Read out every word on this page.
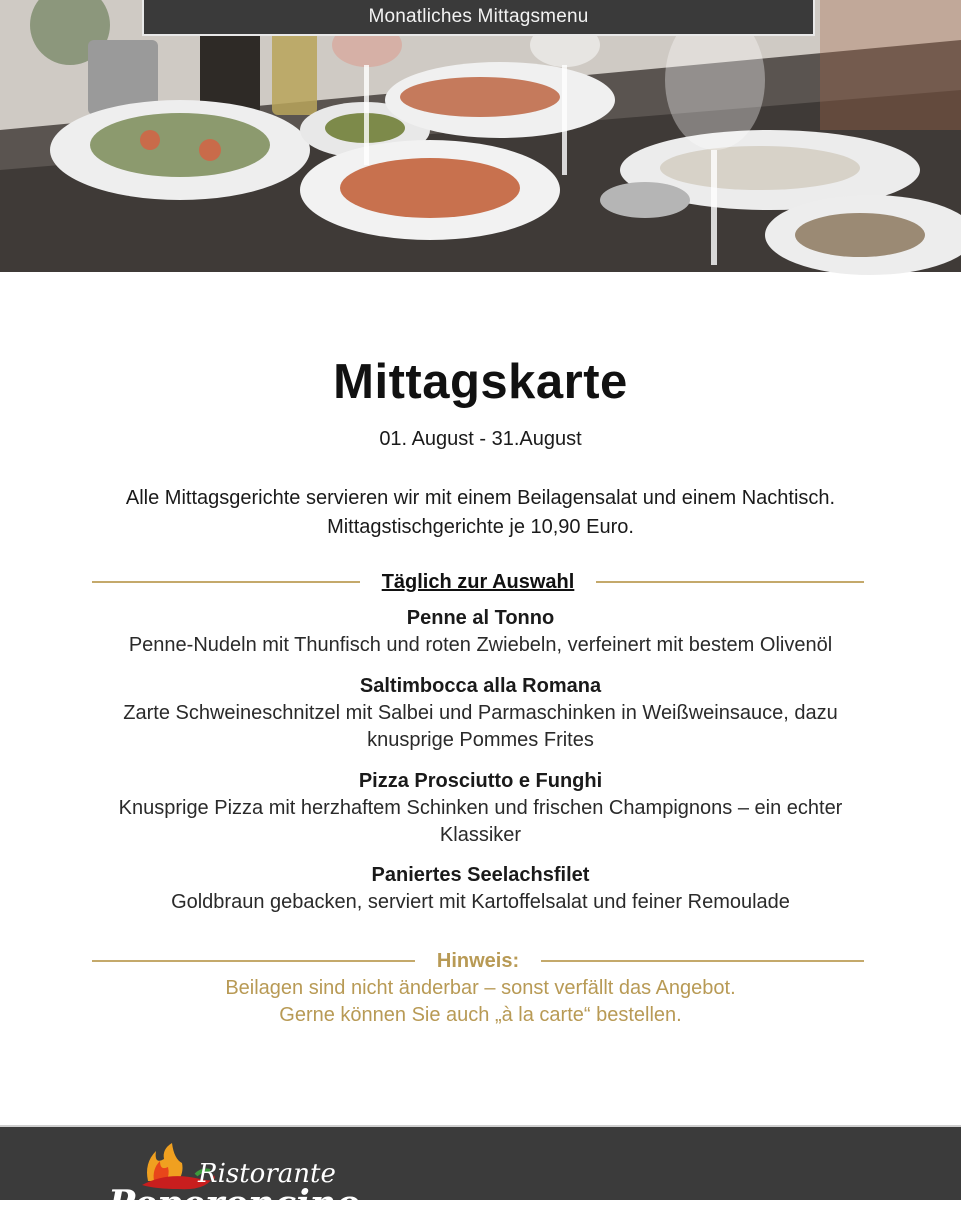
Monatliches Mittagsmenu
Mittagskarte
01. August - 31.August
Alle Mittagsgerichte servieren wir mit einem Beilagensalat und einem Nachtisch.
Mittagstischgerichte je 10,90 Euro.
Täglich zur Auswahl
Penne al Tonno
Penne-Nudeln mit Thunfisch und roten Zwiebeln, verfeinert mit bestem Olivenöl
Saltimbocca alla Romana
Zarte Schweineschnitzel mit Salbei und Parmaschinken in Weißweinsauce, dazu
knusprige Pommes Frites
Pizza Prosciutto e Funghi
Knusprige Pizza mit herzhaftem Schinken und frischen Champignons – ein echter
Klassiker
Paniertes Seelachsfilet
Goldbraun gebacken, serviert mit Kartoffelsalat und feiner Remoulade
Hinweis:
Beilagen sind nicht änderbar – sonst verfällt das Angebot.
Gerne können Sie auch „à la carte“ bestellen.
Ristorante
Peperoncino
